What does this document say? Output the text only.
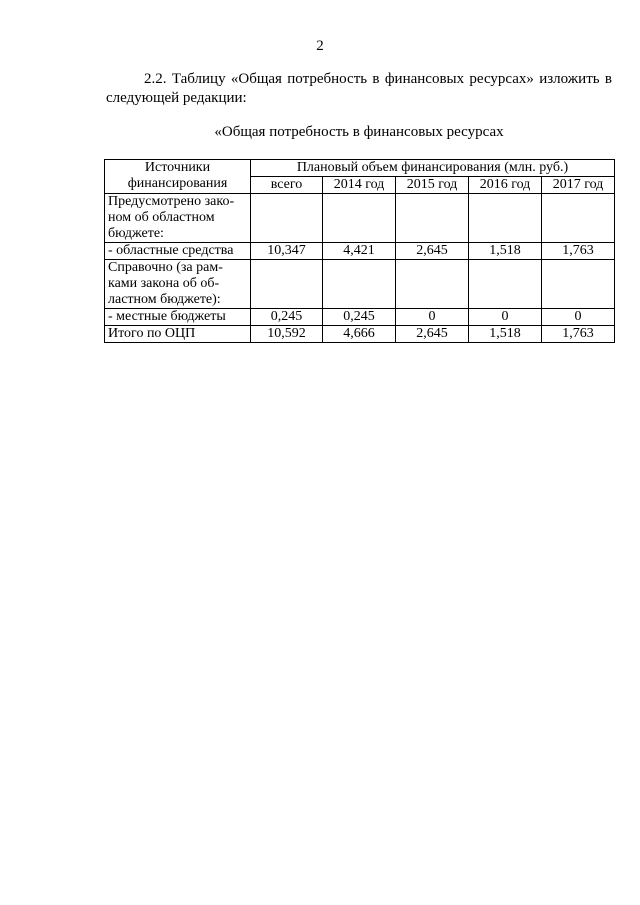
2
2.2. Таблицу «Общая потребность в финансовых ресурсах» изложить в следующей редакции:
«Общая потребность в финансовых ресурсах
Источники финансирования	Плановый объем финансирования (млн. руб.)				
	всего	2014 год	2015 год	2016 год	2017 год
Предусмотрено зако-ном об областном бюджете:					
- областные средства	10,347	4,421	2,645	1,518	1,763
Справочно (за рам-ками закона об об-ластном бюджете):					
- местные бюджеты	0,245	0,245	0	0	0
Итого по ОЦП	10,592	4,666	2,645	1,518	1,763
